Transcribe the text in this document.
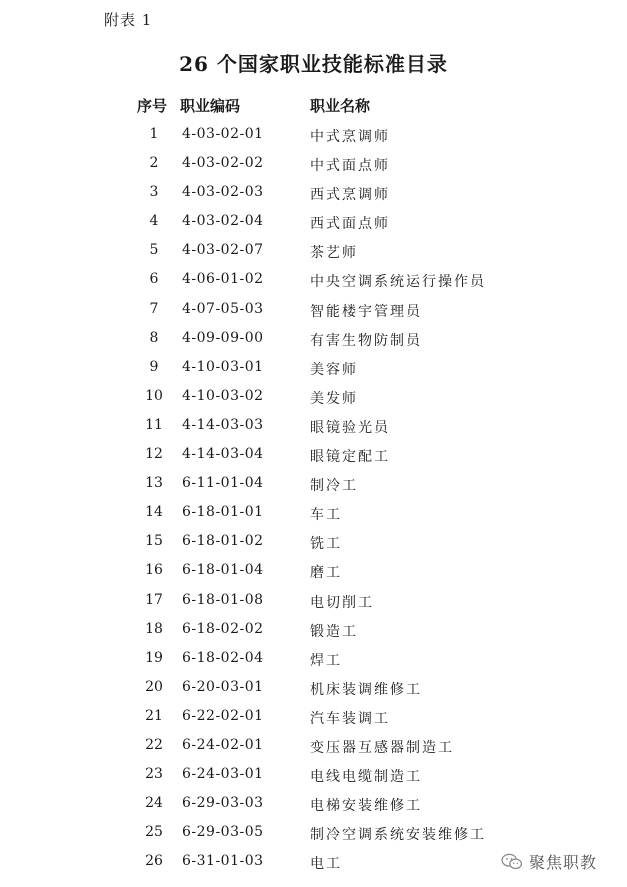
附表 1
26 个国家职业技能标准目录
序号 职业编码	职业名称
1	4-03-02-01	中式烹调师
2	4-03-02-02	中式面点师
3	4-03-02-03	西式烹调师
4	4-03-02-04	西式面点师
5	4-03-02-07	茶艺师
6	4-06-01-02	中央空调系统运行操作员
7	4-07-05-03	智能楼宇管理员
8	4-09-09-00	有害生物防制员
9	4-10-03-01	美容师
10	4-10-03-02	美发师
11	4-14-03-03	眼镜验光员
12	4-14-03-04	眼镜定配工
13	6-11-01-04	制冷工
14	6-18-01-01	车工
15	6-18-01-02	铣工
16	6-18-01-04	磨工
17	6-18-01-08	电切削工
18	6-18-02-02	锻造工
19	6-18-02-04	焊工
20	6-20-03-01	机床装调维修工
21	6-22-02-01	汽车装调工
22	6-24-02-01	变压器互感器制造工
23	6-24-03-01	电线电缆制造工
24	6-29-03-03	电梯安装维修工
25	6-29-03-05	制冷空调系统安装维修工
26	6-31-01-03	电工	聚焦职教
